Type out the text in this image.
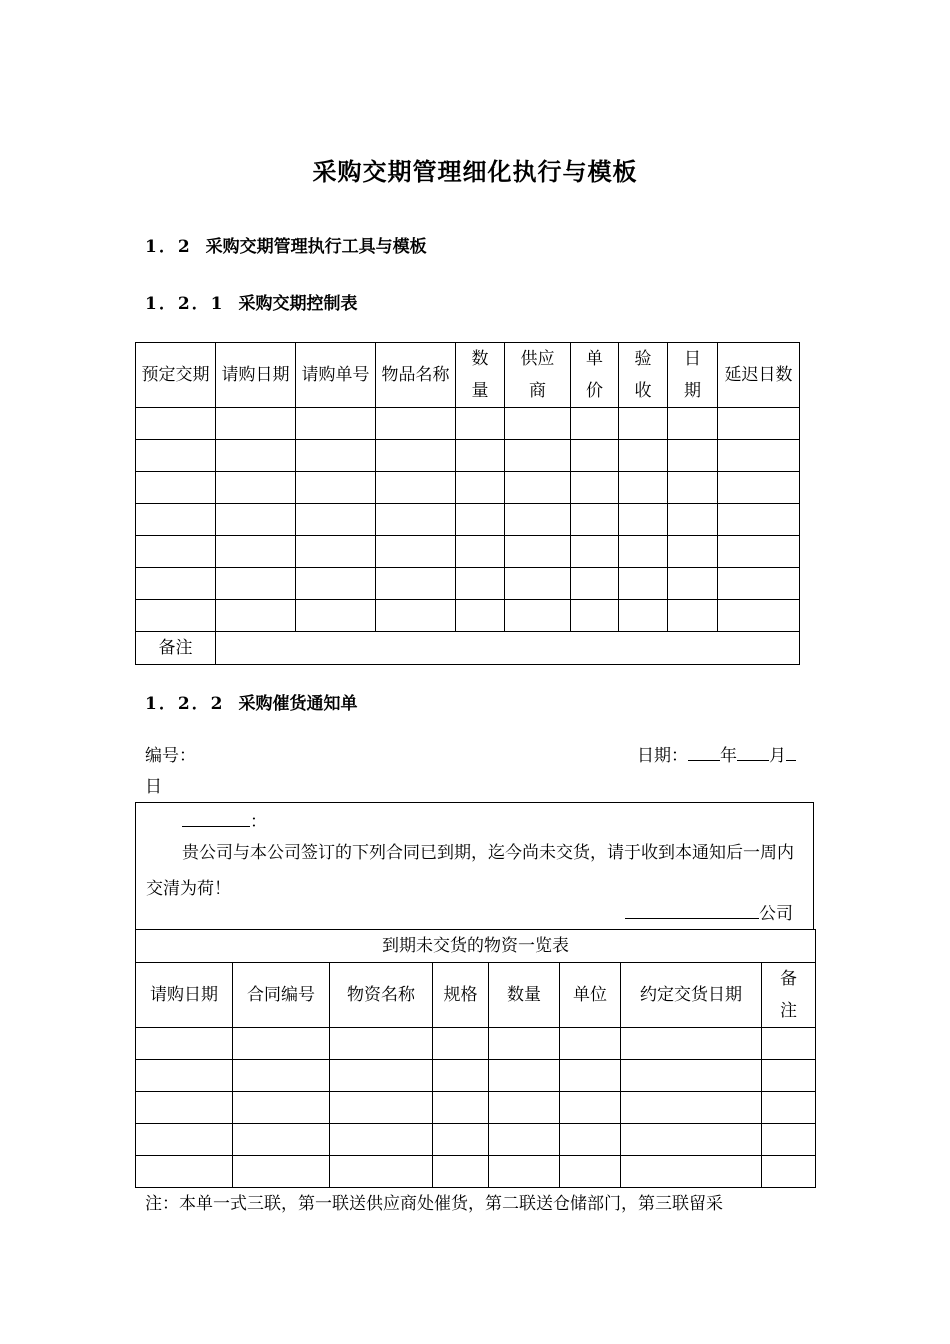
采购交期管理细化执行与模板
1．2 采购交期管理执行工具与模板
1．2．1 采购交期控制表
预定交期	请购日期	请购单号	物品名称	数量	供应商	单价	验收	日期	延迟日数

备注									
1．2．2 采购催货通知单
编号：	日期： 年 月
日
：
贵公司与本公司签订的下列合同已到期，迄今尚未交货，请于收到本通知后一周内交清为荷！
公司
到期未交货的物资一览表							
请购日期	合同编号	物资名称	规格	数量	单位	约定交货日期	备注

注：本单一式三联，第一联送供应商处催货，第二联送仓储部门，第三联留采
